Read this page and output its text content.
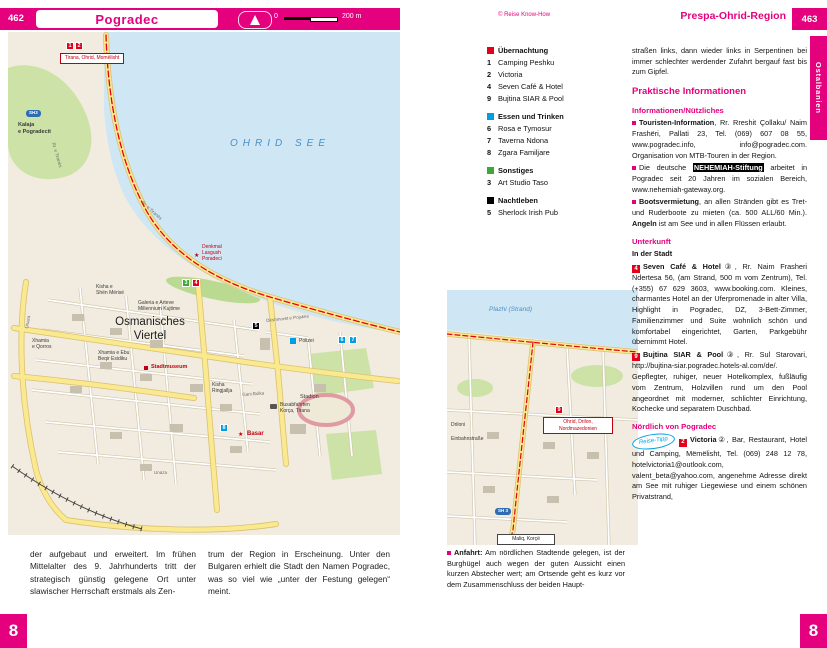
462	Pogradec	0	200 m
1	2
Tirana, Ohrid, Momëlisht
SH3
Kalaja
e Pogradecit
OHRID SEE
Rr. e Tiranës
Rr. e Tiranës
★
Denkmal
Lasgush
Poradeci
Kisha e
Shën Mërisë
Galeria e Arteve
Millennium Kujtime
Osmanisches
Viertel
Xhamia
e Qorros
Xhamia e Ebu
Beqir Esidiku
Stadtmuseum
Kisha
Ringjallja
Stadion
Polizei
Busabfahrten
Korça, Tirana
Gani Bulka
★ Basar
Unaza
Unaza
Dëshmorët e Pojskës
3	4
5
6	7
8
der aufgebaut und erweitert. Im frühen Mittelalter des 9. Jahrhunderts tritt der strategisch günstig gelegene Ort unter slawischer Herrschaft erstmals als Zen-
trum der Region in Erscheinung. Unter den Bulgaren erhielt die Stadt den Namen Pogradec, was so viel wie „unter der Festung gelegen“ meint.
8
© Reise Know-How	Prespa-Ohrid-Region	463
Ostalbanien
Übernachtung
1 Camping Peshku
2 Victoria
4 Seven Café & Hotel
9 Bujtina SIAR & Pool
Essen und Trinken
6 Rosa e Tymosur
7 Taverna Ndona
8 Zgara Familjare
Sonstiges
3 Art Studio Taso
Nachtleben
5 Sherlock Irish Pub
Plazhi (Strand)
Driloni
Einbahnstraße
9
Ohrid, Drilon,
Nordmazedonien
SH 3
Maliq, Korçë
Anfahrt: Am nördlichen Stadtende gelegen, ist der Burghügel auch wegen der guten Aussicht einen kurzen Abstecher wert; am Ortsende geht es kurz vor dem Zusammenschluss der beiden Haupt-

straßen links, dann wieder links in Serpentinen bei immer schlechter werdender Zufahrt bergauf fast bis zum Gipfel.

Praktische Informationen
Informationen/Nützliches

Touristen-Information, Rr. Rreshit Çollaku/ Naim Frashëri, Pallati 23, Tel. (069) 607 08 55, www.pogradec.info, info@pogradec.com. Organisation von MTB-Touren in der Region.

Die deutsche NEHEMIAH-Stiftung arbeitet in Pogradec seit 20 Jahren im sozialen Bereich, www.nehemiah-gateway.org.

Bootsvermietung, an allen Stränden gibt es Tret- und Ruderboote zu mieten (ca. 500 ALL/60 Min.). Angeln ist am See und in allen Flüssen erlaubt.

Unterkunft

In der Stadt

4 Seven Café & Hotel③, Rr. Naim Frasheri Ndertesa 56, (am Strand, 500 m vom Zentrum), Tel. (+355) 67 629 3603, www.booking.com. Kleines, charmantes Hotel an der Uferpromenade in alter Villa, Highlight in Pogradec, DZ, 3-Bett-Zimmer, Familienzimmer und Suite wohnlich schön und komfortabel eingerichtet, Garten, Parkgebühr übernimmt Hotel.

9 Bujtina SIAR & Pool③, Rr. Sul Starovari, http://bujtina-siar.pogradec.hotels-al.com/de/. Gepflegter, ruhiger, neuer Hotelkomplex, fußläufig vom Zentrum, Holzvillen rund um den Pool angeordnet mit moderner, schlichter Einrichtung, Kochecke und separatem Duschbad.

Nördlich von Pogradec

Reise-Tipp 2 Victoria②, Bar, Restaurant, Hotel und Camping, Mëmëlisht, Tel. (069) 248 12 78, hotelvictoria1@outlook.com, valent_beta@yahoo.com, angenehme Adresse direkt am See mit ruhiger Liegewiese und einem schönen Privatstrand,

8
